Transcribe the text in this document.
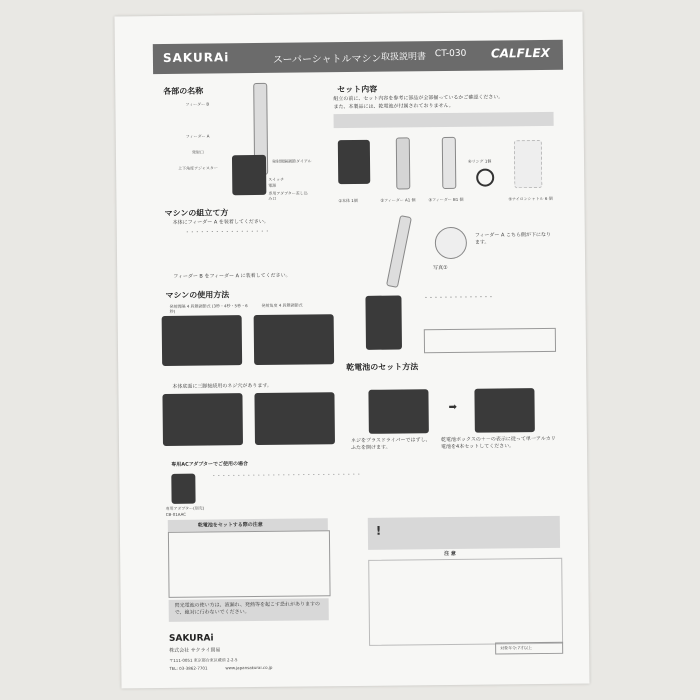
SAKURAi	スーパーシャトルマシン 取扱説明書 CT-030 CALFLEX
各部の名称
フィーダー B
フィーダー A
発射口
上下角度アジャスター
発射間隔調節ダイアル
スイッチ
電源
専用アダプター差し込み口
セット内容
組立の前に、セット内容を参考に部品が全部揃っているかご確認ください。
また、本製品には、乾電池が付属されておりません。
①本体 1個	②フィーダー A1 個	③フィーダー B1 個
④リング 1個
⑤ナイロンシャトル 6 個
マシンの組立て方
本体にフィーダー A を装着してください。
・・・・・・・・・・・・・・・・・
フィーダー B をフィーダー A に装着してください。
フィーダー A こちら側が下になります。
写真①
マシンの使用方法
発射間隔 4 段階調節式 (3秒・4秒・5秒・6秒)
発射角度 4 段階調節式
・・・・・・・・・・・・・・
本体底面に三脚接続用のネジ穴があります。
乾電池のセット方法
➡
ネジをプラスドライバーではずし、ふたを開けます。
乾電池ボックスの＋－の表示に従って単一アルカリ電池を4本セットしてください。
専用ACアダプターでご使用の場合
専用アダプター(別売)
CB-01AAC
・・・・・・・・・・・・・・・・・・・・・・・・・・・・・・
乾電池をセットする際の注意
閃光電池の使い方は、液漏れ、発熱等を起こす恐れがありますので、絶対に行わないでください。
!
注 意
対象年令:7才以上
SAKURAi
株式会社 サクライ貿易
〒111-0051 東京都台東区蔵前 2-2-5
TEL: 03-3862-7701	www.japansakurai.co.jp
